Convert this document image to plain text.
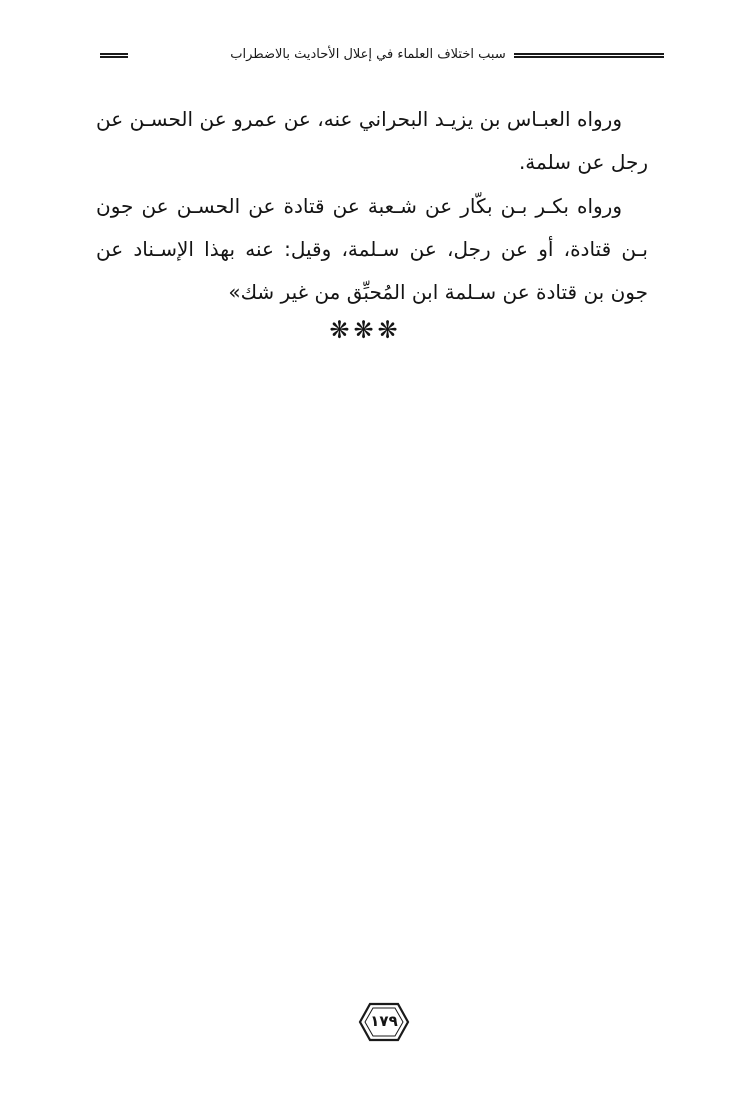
سبب اختلاف العلماء في إعلال الأحاديث بالاضطراب

ورواه العبـاس بن يزيـد البحراني عنه، عن عمرو عن الحسـن عن رجل عن سلمة.

ورواه بكـر بـن بكّار عن شـعبة عن قتادة عن الحسـن عن جون بـن قتادة، أو عن رجل، عن سـلمة، وقيل: عنه بهذا الإسـناد عن جون بن قتادة عن سـلمة ابن المُحبِّق من غير شك»

❋❋❋
١٧٩
